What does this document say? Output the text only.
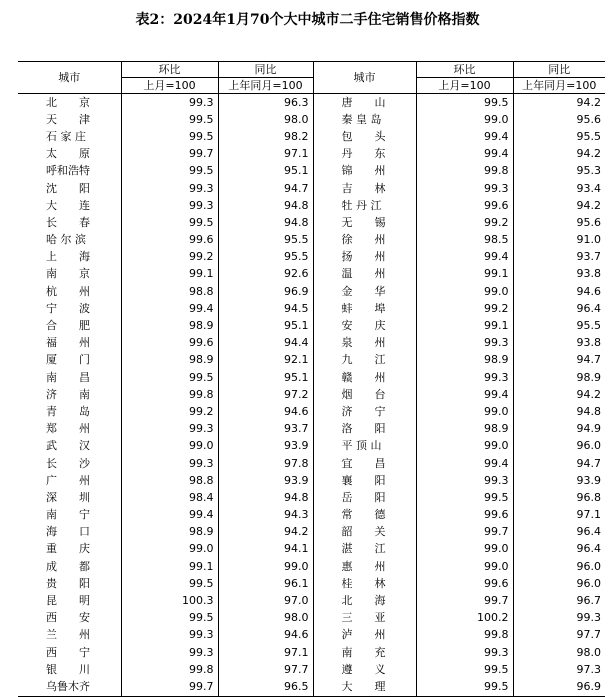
表2：2024年1月70个大中城市二手住宅销售价格指数
城市	环比	同比	城市	环比	同比
	上月=100	上年同月=100		上月=100	上年同月=100
北　　京	99.3	96.3	唐　　山	99.5	94.2
天　　津	99.5	98.0	秦 皇 岛	99.0	95.6
石 家 庄	99.5	98.2	包　　头	99.4	95.5
太　　原	99.7	97.1	丹　　东	99.4	94.2
呼和浩特	99.5	95.1	锦　　州	99.8	95.3
沈　　阳	99.3	94.7	吉　　林	99.3	93.4
大　　连	99.3	94.8	牡 丹 江	99.6	94.2
长　　春	99.5	94.8	无　　锡	99.2	95.6
哈 尔 滨	99.6	95.5	徐　　州	98.5	91.0
上　　海	99.2	95.5	扬　　州	99.4	93.7
南　　京	99.1	92.6	温　　州	99.1	93.8
杭　　州	98.8	96.9	金　　华	99.0	94.6
宁　　波	99.4	94.5	蚌　　埠	99.2	96.4
合　　肥	98.9	95.1	安　　庆	99.1	95.5
福　　州	99.6	94.4	泉　　州	99.3	93.8
厦　　门	98.9	92.1	九　　江	98.9	94.7
南　　昌	99.5	95.1	赣　　州	99.3	98.9
济　　南	99.8	97.2	烟　　台	99.4	94.2
青　　岛	99.2	94.6	济　　宁	99.0	94.8
郑　　州	99.3	93.7	洛　　阳	98.9	94.9
武　　汉	99.0	93.9	平 顶 山	99.0	96.0
长　　沙	99.3	97.8	宜　　昌	99.4	94.7
广　　州	98.8	93.9	襄　　阳	99.3	93.9
深　　圳	98.4	94.8	岳　　阳	99.5	96.8
南　　宁	99.4	94.3	常　　德	99.6	97.1
海　　口	98.9	94.2	韶　　关	99.7	96.4
重　　庆	99.0	94.1	湛　　江	99.0	96.4
成　　都	99.1	99.0	惠　　州	99.0	96.0
贵　　阳	99.5	96.1	桂　　林	99.6	96.0
昆　　明	100.3	97.0	北　　海	99.7	96.7
西　　安	99.5	98.0	三　　亚	100.2	99.3
兰　　州	99.3	94.6	泸　　州	99.8	97.7
西　　宁	99.3	97.1	南　　充	99.3	98.0
银　　川	99.8	97.7	遵　　义	99.5	97.3
乌鲁木齐	99.7	96.5	大　　理	99.5	96.9
